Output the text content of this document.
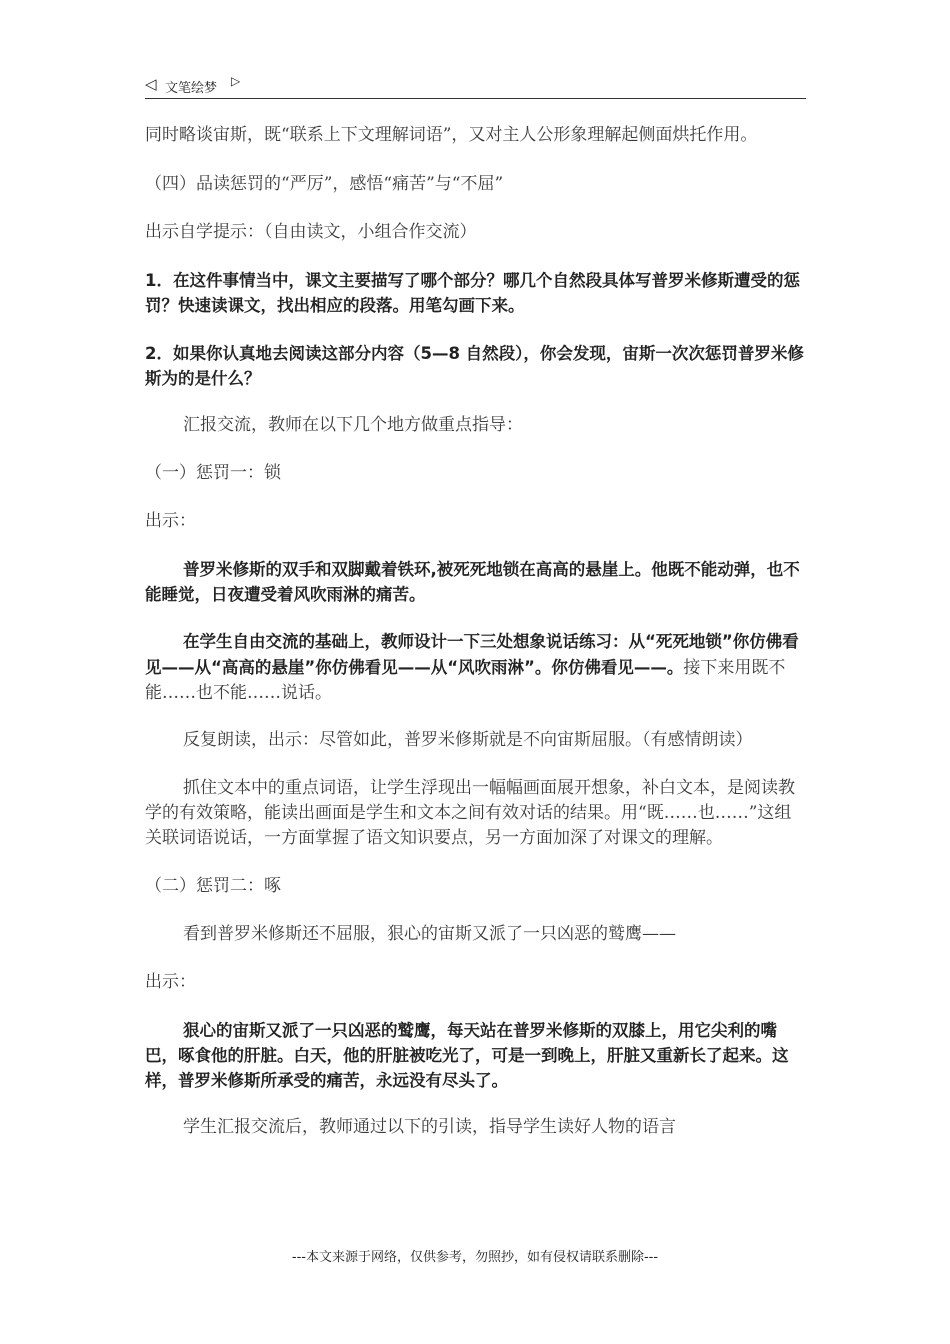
◁ 文笔绘梦 ▷

同时略谈宙斯，既“联系上下文理解词语”，又对主人公形象理解起侧面烘托作用。

（四）品读惩罚的“严厉”，感悟“痛苦”与“不屈”

出示自学提示：（自由读文，小组合作交流）

1．在这件事情当中，课文主要描写了哪个部分？哪几个自然段具体写普罗米修斯遭受的惩罚？快速读课文，找出相应的段落。用笔勾画下来。

2．如果你认真地去阅读这部分内容（5—8 自然段），你会发现，宙斯一次次惩罚普罗米修斯为的是什么？

汇报交流，教师在以下几个地方做重点指导：

（一）惩罚一：锁

出示：

普罗米修斯的双手和双脚戴着铁环,被死死地锁在高高的悬崖上。他既不能动弹，也不能睡觉，日夜遭受着风吹雨淋的痛苦。

在学生自由交流的基础上，教师设计一下三处想象说话练习：从“死死地锁”你仿佛看见——从“高高的悬崖”你仿佛看见——从“风吹雨淋”。你仿佛看见——。接下来用既不能……也不能……说话。

反复朗读，出示：尽管如此，普罗米修斯就是不向宙斯屈服。（有感情朗读）

抓住文本中的重点词语，让学生浮现出一幅幅画面展开想象，补白文本，是阅读教学的有效策略，能读出画面是学生和文本之间有效对话的结果。用“既……也……”这组关联词语说话，一方面掌握了语文知识要点，另一方面加深了对课文的理解。

（二）惩罚二：啄

看到普罗米修斯还不屈服，狠心的宙斯又派了一只凶恶的鹫鹰——

出示：

狠心的宙斯又派了一只凶恶的鹫鹰，每天站在普罗米修斯的双膝上，用它尖利的嘴巴，啄食他的肝脏。白天，他的肝脏被吃光了，可是一到晚上，肝脏又重新长了起来。这样，普罗米修斯所承受的痛苦，永远没有尽头了。

学生汇报交流后，教师通过以下的引读，指导学生读好人物的语言

---本文来源于网络，仅供参考，勿照抄，如有侵权请联系删除---
